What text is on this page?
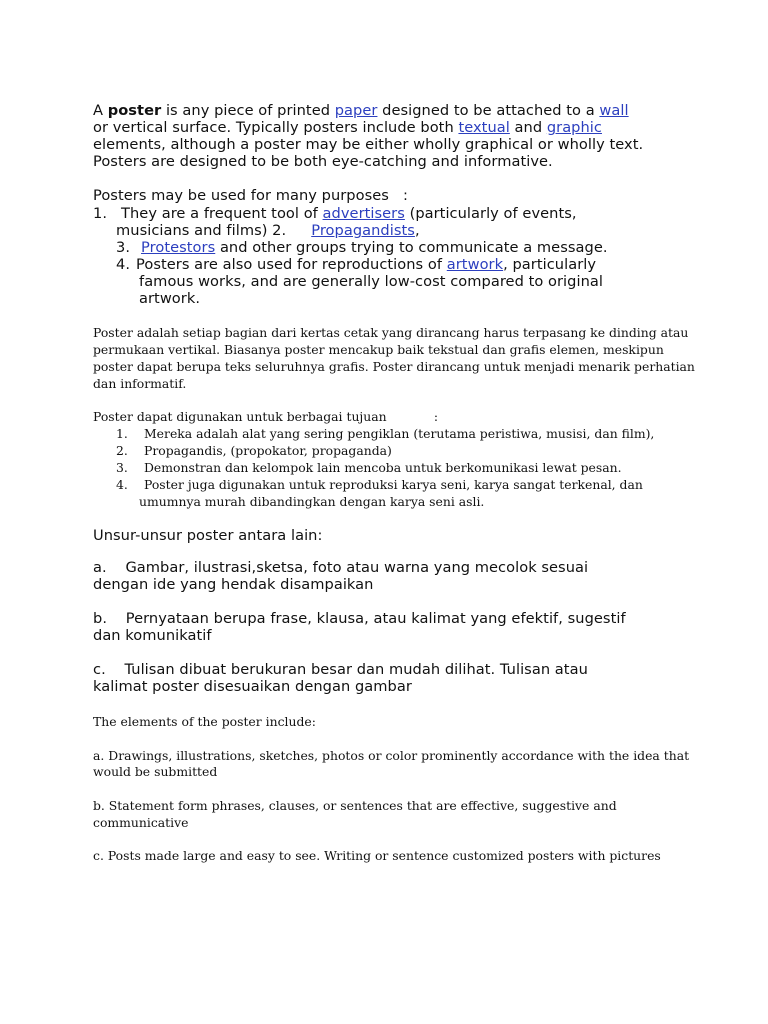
A poster is any piece of printed paper designed to be attached to a wall

or vertical surface. Typically posters include both textual and graphic

elements, although a poster may be either wholly graphical or wholly text.

Posters are designed to be both eye-catching and informative.

Posters may be used for many purposes   :

1. They are a frequent tool of advertisers (particularly of events,

musicians and films) 2. Propagandists,

3. Protestors and other groups trying to communicate a message.

4. Posters are also used for reproductions of artwork, particularly

famous works, and are generally low-cost compared to original

artwork.

Poster adalah setiap bagian dari kertas cetak yang dirancang harus terpasang ke dinding atau

permukaan vertikal. Biasanya poster mencakup baik tekstual dan grafis elemen, meskipun

poster dapat berupa teks seluruhnya grafis. Poster dirancang untuk menjadi menarik perhatian

dan informatif.

Poster dapat digunakan untuk berbagai tujuan            :

1. Mereka adalah alat yang sering pengiklan (terutama peristiwa, musisi, dan film),

2. Propagandis, (propokator, propaganda)

3. Demonstran dan kelompok lain mencoba untuk berkomunikasi lewat pesan.

4. Poster juga digunakan untuk reproduksi karya seni, karya sangat terkenal, dan

umumnya murah dibandingkan dengan karya seni asli.

Unsur-unsur poster antara lain:

a.    Gambar, ilustrasi,sketsa, foto atau warna yang mecolok sesuai

dengan ide yang hendak disampaikan

b.    Pernyataan berupa frase, klausa, atau kalimat yang efektif, sugestif

dan komunikatif

c.    Tulisan dibuat berukuran besar dan mudah dilihat. Tulisan atau

kalimat poster disesuaikan dengan gambar

The elements of the poster include:

a. Drawings, illustrations, sketches, photos or color prominently accordance with the idea that

would be submitted

b. Statement form phrases, clauses, or sentences that are effective, suggestive and

communicative

c. Posts made large and easy to see. Writing or sentence customized posters with pictures
